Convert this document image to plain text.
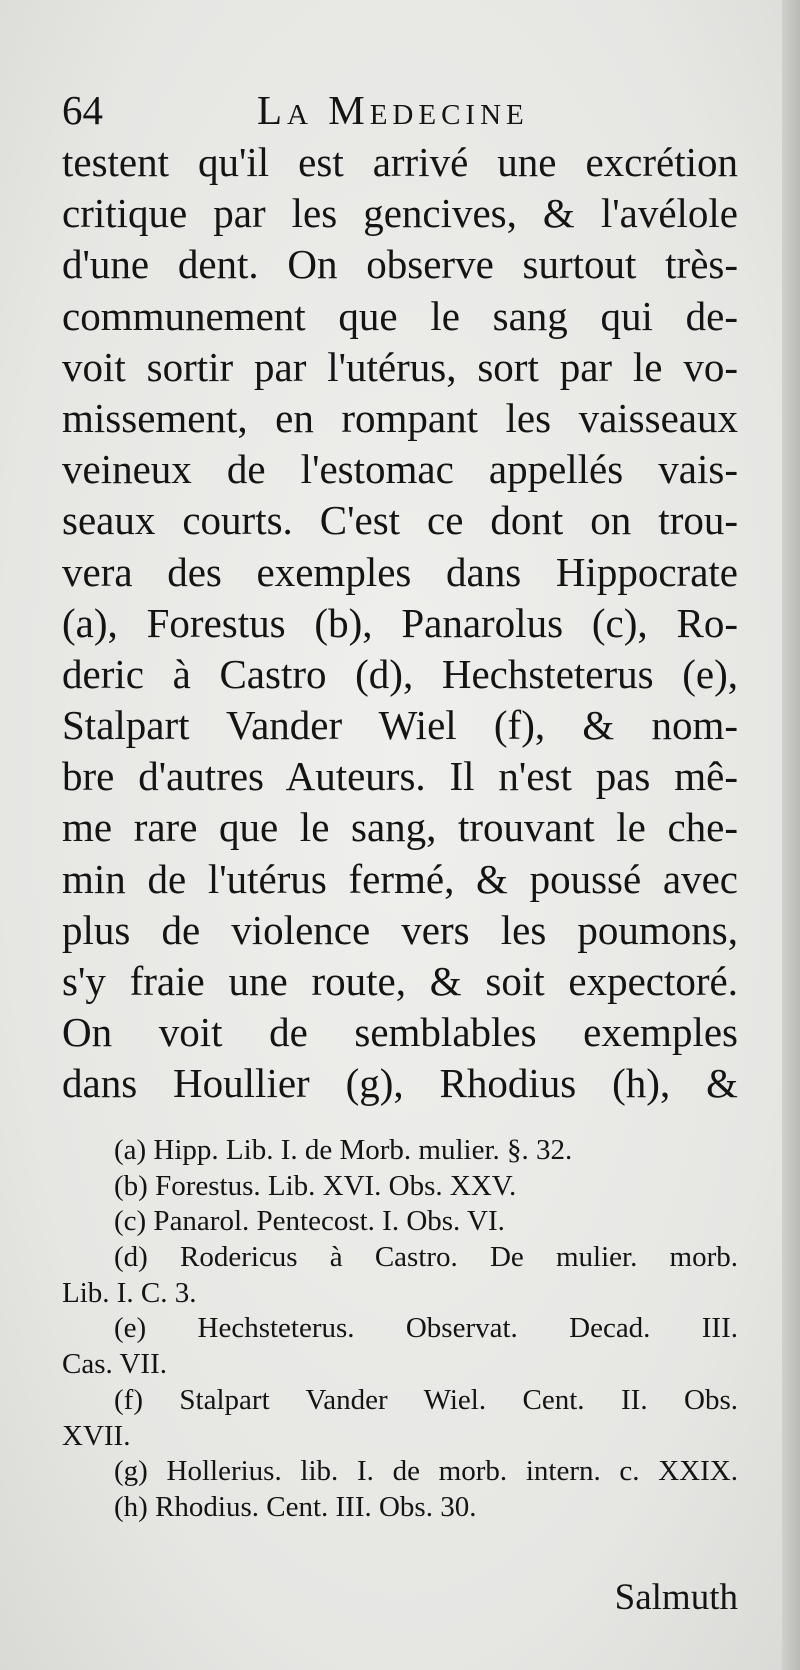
64	La Medecine
testent qu'il est arrivé une excrétion
critique par les gencives, & l'avélole
d'une dent. On observe surtout très-
communement que le sang qui de-
voit sortir par l'utérus, sort par le vo-
missement, en rompant les vaisseaux
veineux de l'estomac appellés vais-
seaux courts. C'est ce dont on trou-
vera des exemples dans Hippocrate
(a), Forestus (b), Panarolus (c), Ro-
deric à Castro (d), Hechsteterus (e),
Stalpart Vander Wiel (f), & nom-
bre d'autres Auteurs. Il n'est pas mê-
me rare que le sang, trouvant le che-
min de l'utérus fermé, & poussé avec
plus de violence vers les poumons,
s'y fraie une route, & soit expectoré.
On voit de semblables exemples
dans Houllier (g), Rhodius (h), &
(a) Hipp. Lib. I. de Morb. mulier. §. 32.
(b) Forestus. Lib. XVI. Obs. XXV.
(c) Panarol. Pentecost. I. Obs. VI.
(d) Rodericus à Castro. De mulier. morb.
Lib. I. C. 3.
(e) Hechsteterus. Observat. Decad. III.
Cas. VII.
(f) Stalpart Vander Wiel. Cent. II. Obs.
XVII.
(g) Hollerius. lib. I. de morb. intern. c. XXIX.
(h) Rhodius. Cent. III. Obs. 30.
Salmuth
